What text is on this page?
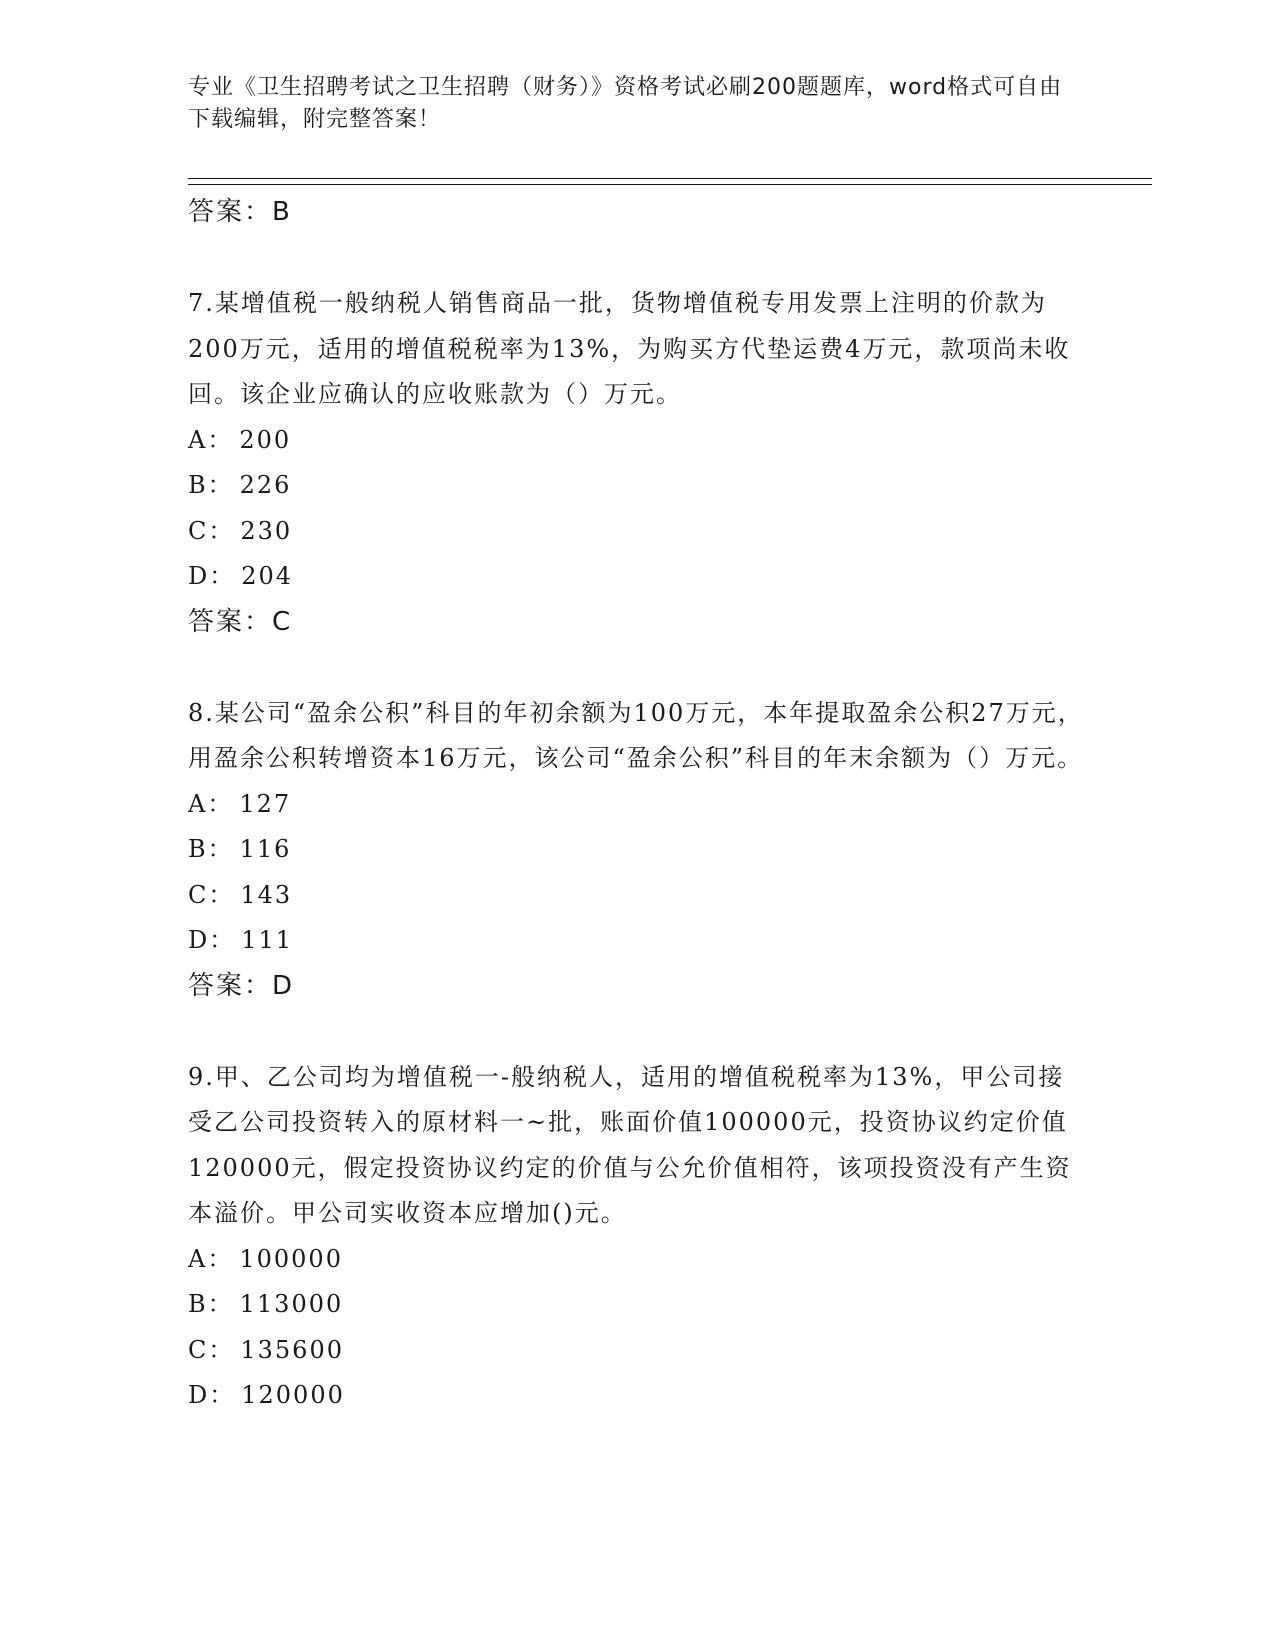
专业《卫生招聘考试之卫生招聘（财务）》资格考试必刷200题题库，word格式可自由下载编辑，附完整答案！
答案：B

7.某增值税一般纳税人销售商品一批，货物增值税专用发票上注明的价款为200万元，适用的增值税税率为13%，为购买方代垫运费4万元，款项尚未收回。该企业应确认的应收账款为（）万元。

A： 200
B： 226
C： 230
D： 204
答案：C

8.某公司“盈余公积”科目的年初余额为100万元，本年提取盈余公积27万元，用盈余公积转增资本16万元，该公司“盈余公积”科目的年末余额为（）万元。

A： 127
B： 116
C： 143
D： 111
答案：D

9.甲、乙公司均为增值税一-般纳税人，适用的增值税税率为13%，甲公司接受乙公司投资转入的原材料一~批，账面价值100000元，投资协议约定价值120000元，假定投资协议约定的价值与公允价值相符，该项投资没有产生资本溢价。甲公司实收资本应增加()元。

A： 100000
B： 113000
C： 135600
D： 120000
